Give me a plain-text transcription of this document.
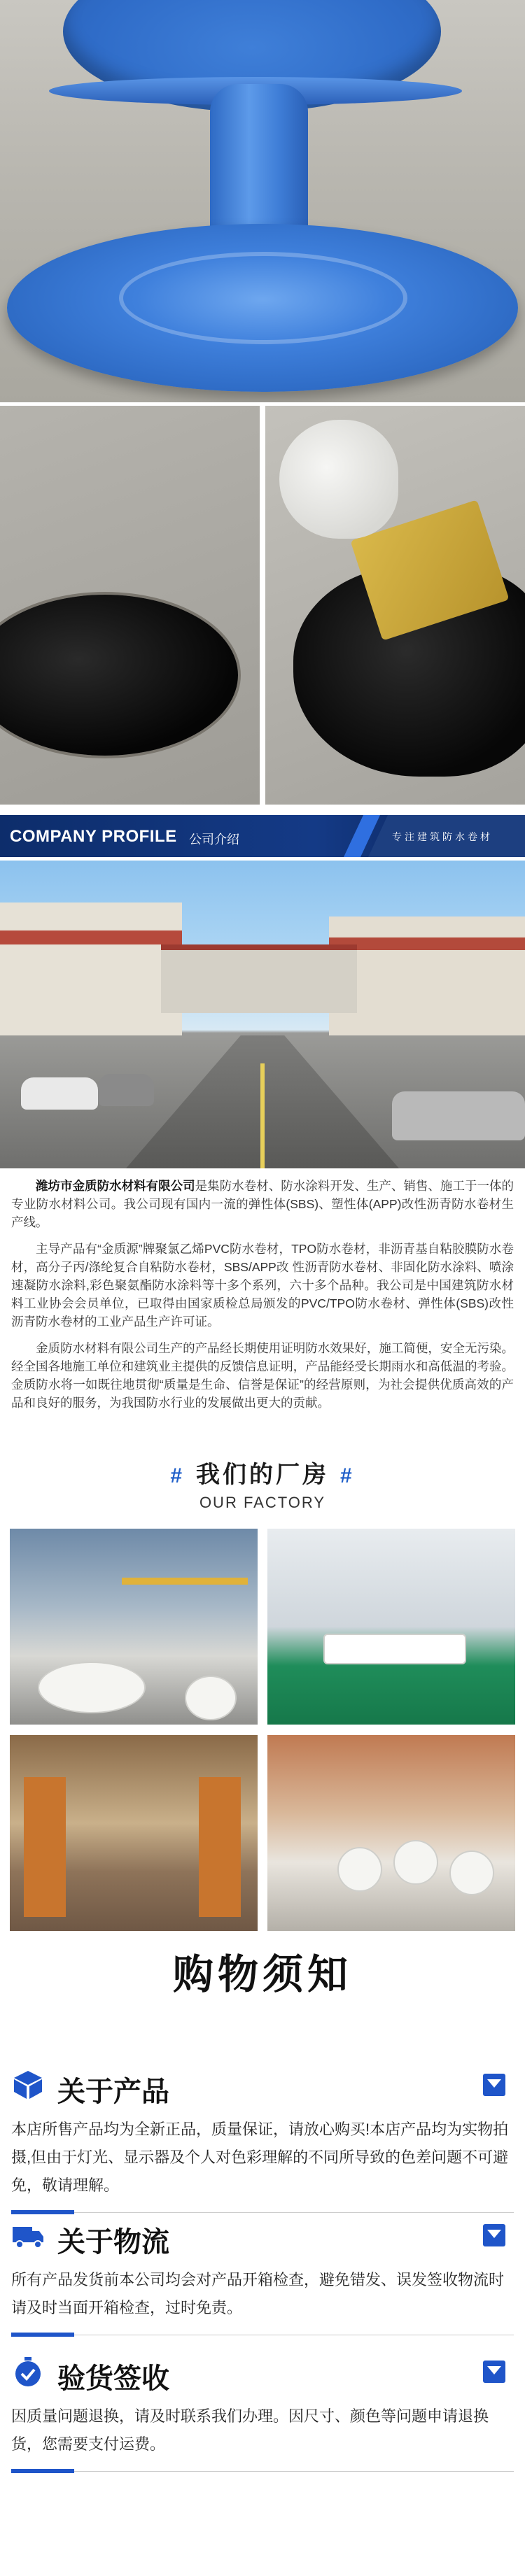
COMPANY PROFILE 公司介绍	专注建筑防水卷材

潍坊市金质防水材料有限公司是集防水卷材、防水涂料开发、生产、销售、施工于一体的专业防水材料公司。我公司现有国内一流的弹性体(SBS)、塑性体(APP)改性沥青防水卷材生产线。

主导产品有“金质源”牌聚氯乙烯PVC防水卷材，TPO防水卷材，非沥青基自粘胶膜防水卷材，高分子丙/涤纶复合自粘防水卷材，SBS/APP改 性沥青防水卷材、非固化防水涂料、喷涂速凝防水涂料,彩色聚氨酯防水涂料等十多个系列，六十多个品种。我公司是中国建筑防水材料工业协会会员单位，已取得由国家质检总局颁发的PVC/TPO防水卷材、弹性体(SBS)改性沥青防水卷材的工业产品生产许可证。

金质防水材料有限公司生产的产品经长期使用证明防水效果好，施工简便，安全无污染。经全国各地施工单位和建筑业主提供的反馈信息证明，产品能经受长期雨水和高低温的考验。金质防水将一如既往地贯彻“质量是生命、信誉是保证”的经营原则，为社会提供优质高效的产品和良好的服务，为我国防水行业的发展做出更大的贡献。

# 我们的厂房 #
OUR FACTORY
购物须知
关于产品
本店所售产品均为全新正品，质量保证，请放心购买!本店产品均为实物拍摄,但由于灯光、显示器及个人对色彩理解的不同所导致的色差问题不可避免，敬请理解。
关于物流
所有产品发货前本公司均会对产品开箱检查，避免错发、误发签收物流时请及时当面开箱检查，过时免责。
验货签收
因质量问题退换，请及时联系我们办理。因尺寸、颜色等问题申请退换货，您需要支付运费。
